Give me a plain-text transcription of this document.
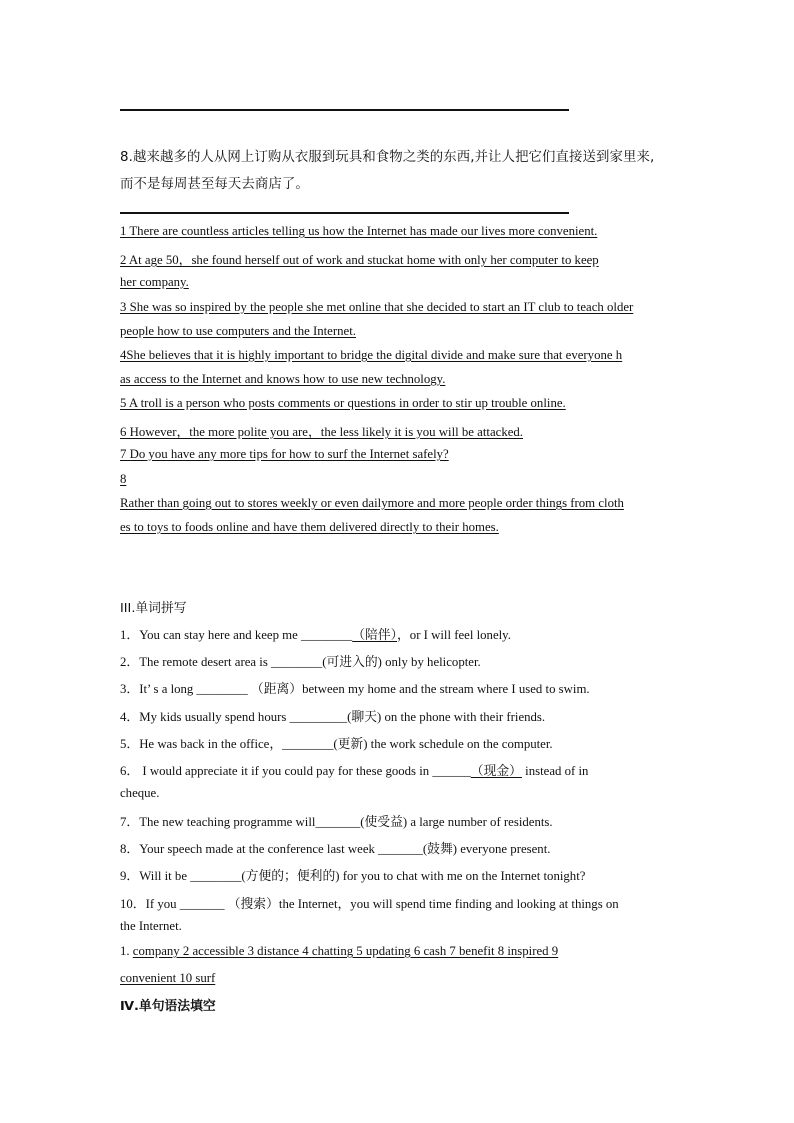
8.越来越多的人从网上订购从衣服到玩具和食物之类的东西,并让人把它们直接送到家里来,
而不是每周甚至每天去商店了。
1 There are countless articles telling us how the Internet has made our lives more convenient.
2 At age 50，she found herself out of work and stuckat home with only her computer to keep
her company.
3 She was so inspired by the people she met online that she decided to start an IT club to teach older
people how to use computers and the Internet.
4She believes that it is highly important to bridge the digital divide and make sure that everyone h
as access to the Internet and knows how to use new technology.
5 A troll is a person who posts comments or questions in order to stir up trouble online.
6 However，the more polite you are，the less likely it is you will be attacked.
7 Do you have any more tips for how to surf the Internet safely?
8
Rather than going out to stores weekly or even dailymore and more people order things from cloth
es to toys to foods online and have them delivered directly to their homes.
III.单词拼写
1．You can stay here and keep me ________（陪伴），or I will feel lonely.
2．The remote desert area is ________(可进入的) only by helicopter.
3．It’ s a long ________ （距离）between my home and the stream where I used to swim.
4．My kids usually spend hours _________(聊天) on the phone with their friends.
5．He was back in the office，________(更新) the work schedule on the computer.
6． I would appreciate it if you could pay for these goods in ______（现金） instead of in
cheque.
7．The new teaching programme will_______(使受益) a large number of residents.
8．Your speech made at the conference last week _______(鼓舞) everyone present.
9．Will it be ________(方便的；便利的) for you to chat with me on the Internet tonight?
10．If you _______ （搜索）the Internet，you will spend time finding and looking at things on
the Internet.
1. company 2 accessible 3 distance 4 chatting 5 updating 6 cash 7 benefit 8 inspired 9
convenient 10 surf
Ⅳ.单句语法填空
